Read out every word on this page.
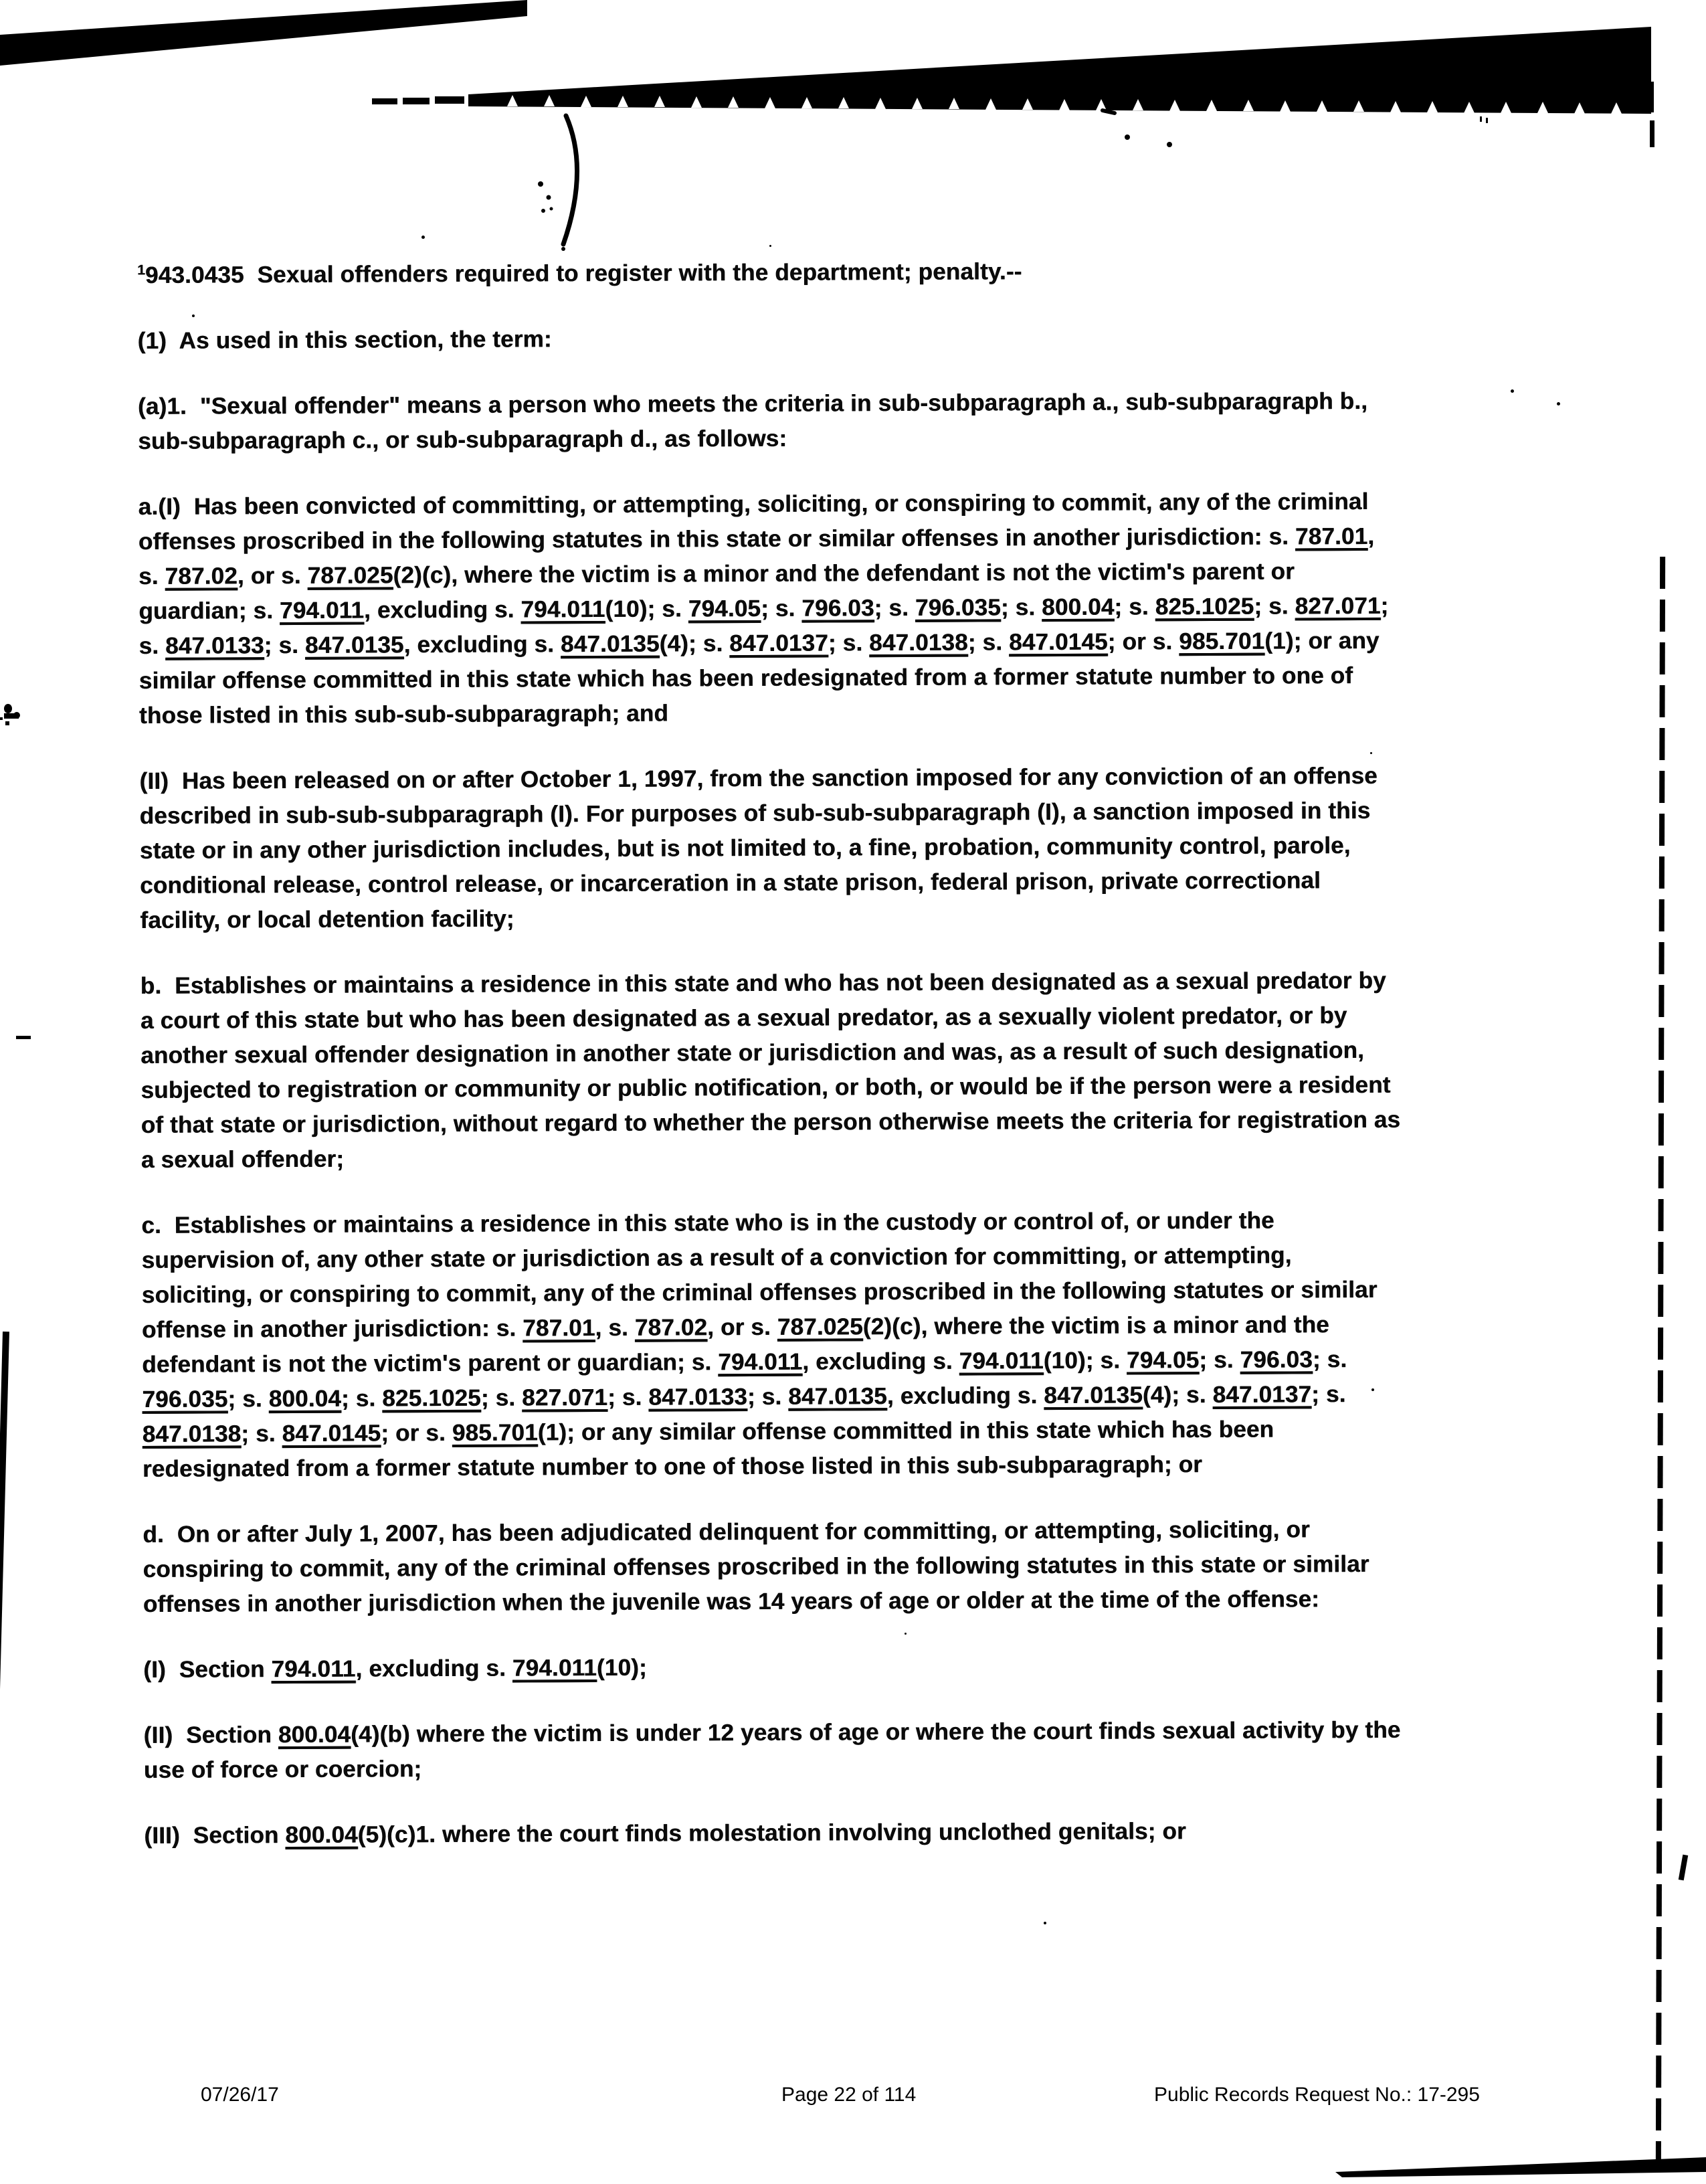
$^1$943.0435  Sexual offenders required to register with the department; penalty.--

(1)  As used in this section, the term:

(a)1.  "Sexual offender" means a person who meets the criteria in sub-subparagraph a., sub-subparagraph b., sub-subparagraph c., or sub-subparagraph d., as follows:

a.(I)  Has been convicted of committing, or attempting, soliciting, or conspiring to commit, any of the criminal offenses proscribed in the following statutes in this state or similar offenses in another jurisdiction: s. 787.01, s. 787.02, or s. 787.025(2)(c), where the victim is a minor and the defendant is not the victim's parent or guardian; s. 794.011, excluding s. 794.011(10); s. 794.05; s. 796.03; s. 796.035; s. 800.04; s. 825.1025; s. 827.071; s. 847.0133; s. 847.0135, excluding s. 847.0135(4); s. 847.0137; s. 847.0138; s. 847.0145; or s. 985.701(1); or any similar offense committed in this state which has been redesignated from a former statute number to one of those listed in this sub-sub-subparagraph; and

(II)  Has been released on or after October 1, 1997, from the sanction imposed for any conviction of an offense described in sub-sub-subparagraph (I). For purposes of sub-sub-subparagraph (I), a sanction imposed in this state or in any other jurisdiction includes, but is not limited to, a fine, probation, community control, parole, conditional release, control release, or incarceration in a state prison, federal prison, private correctional facility, or local detention facility;

b.  Establishes or maintains a residence in this state and who has not been designated as a sexual predator by a court of this state but who has been designated as a sexual predator, as a sexually violent predator, or by another sexual offender designation in another state or jurisdiction and was, as a result of such designation, subjected to registration or community or public notification, or both, or would be if the person were a resident of that state or jurisdiction, without regard to whether the person otherwise meets the criteria for registration as a sexual offender;

c.  Establishes or maintains a residence in this state who is in the custody or control of, or under the supervision of, any other state or jurisdiction as a result of a conviction for committing, or attempting, soliciting, or conspiring to commit, any of the criminal offenses proscribed in the following statutes or similar offense in another jurisdiction: s. 787.01, s. 787.02, or s. 787.025(2)(c), where the victim is a minor and the defendant is not the victim's parent or guardian; s. 794.011, excluding s. 794.011(10); s. 794.05; s. 796.03; s. 796.035; s. 800.04; s. 825.1025; s. 827.071; s. 847.0133; s. 847.0135, excluding s. 847.0135(4); s. 847.0137; s. 847.0138; s. 847.0145; or s. 985.701(1); or any similar offense committed in this state which has been redesignated from a former statute number to one of those listed in this sub-subparagraph; or

d.  On or after July 1, 2007, has been adjudicated delinquent for committing, or attempting, soliciting, or conspiring to commit, any of the criminal offenses proscribed in the following statutes in this state or similar offenses in another jurisdiction when the juvenile was 14 years of age or older at the time of the offense:

(I)  Section 794.011, excluding s. 794.011(10);

(II)  Section 800.04(4)(b) where the victim is under 12 years of age or where the court finds sexual activity by the use of force or coercion;

(III)  Section 800.04(5)(c)1. where the court finds molestation involving unclothed genitals; or

07/26/17	Page 22 of 114	Public Records Request No.: 17-295
